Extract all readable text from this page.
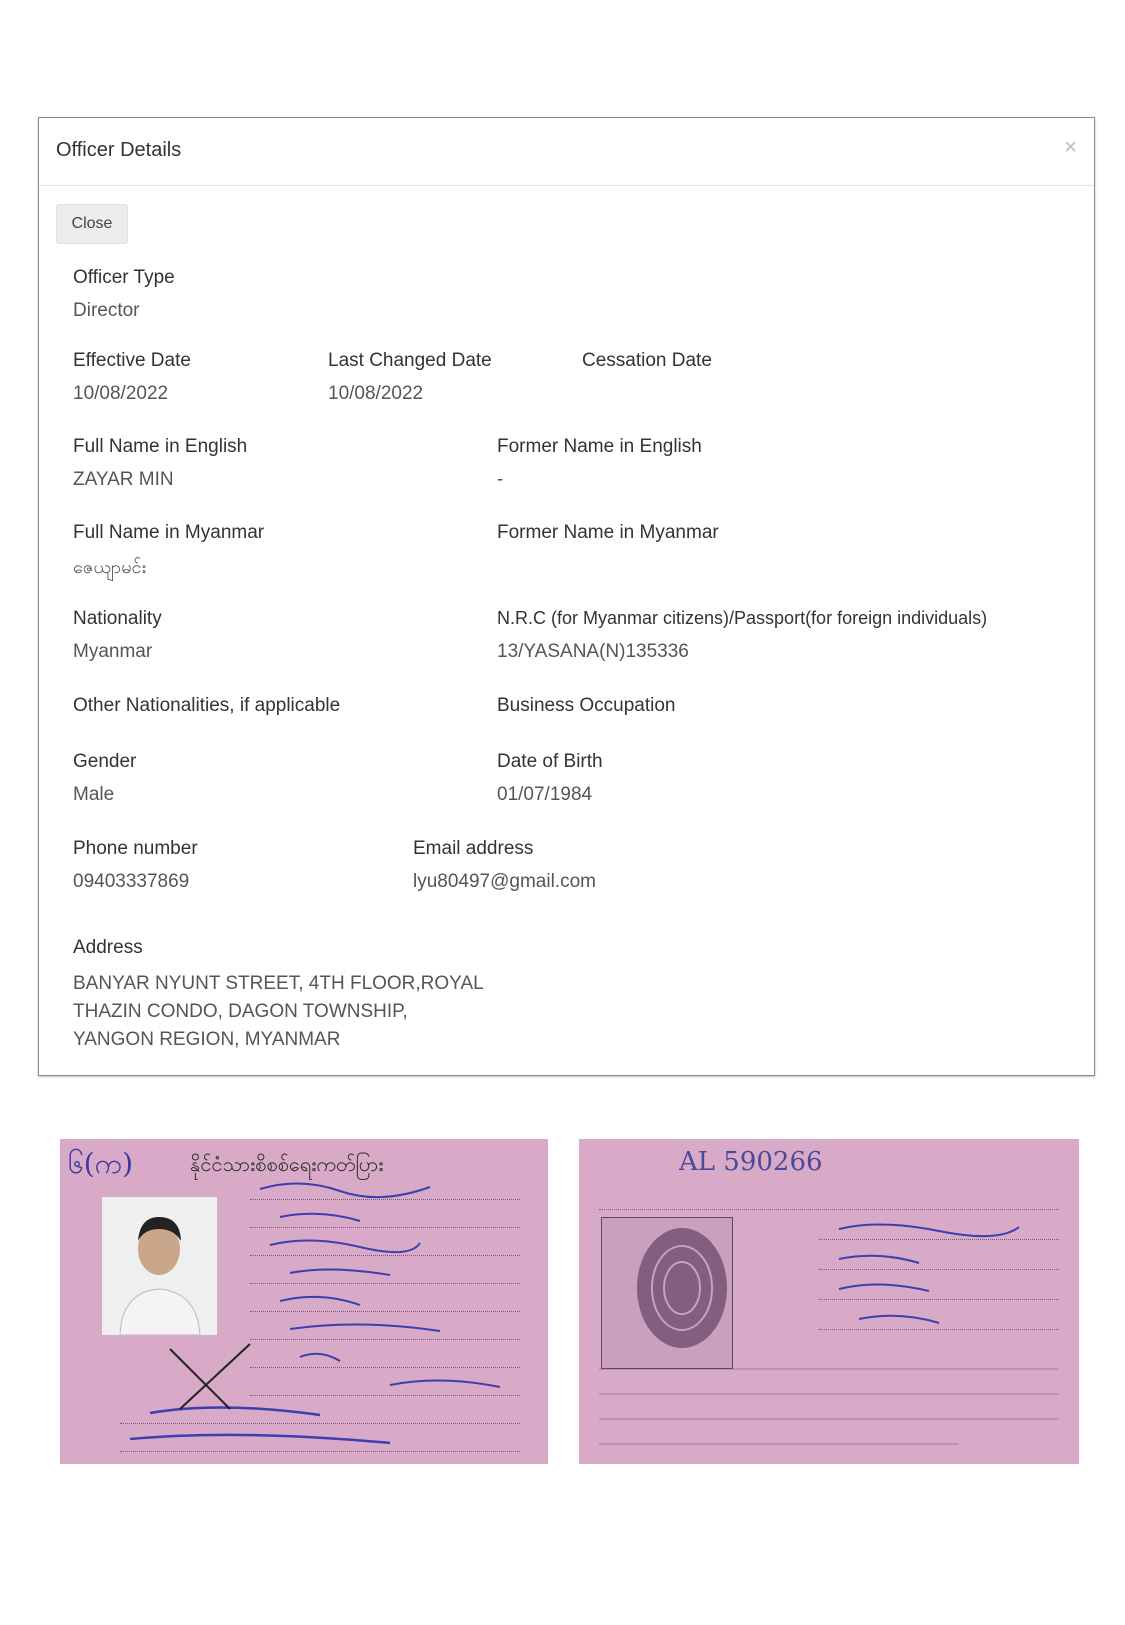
Officer Details	×
Close
Officer Type
Director
Effective Date
10/08/2022
Last Changed Date
10/08/2022
Cessation Date
Full Name in English
ZAYAR MIN
Former Name in English
-
Full Name in Myanmar
ဇေယျာမင်း
Former Name in Myanmar
Nationality
Myanmar
N.R.C (for Myanmar citizens)/Passport(for foreign individuals)
13/YASANA(N)135336
Other Nationalities, if applicable	Business Occupation
Gender
Male
Date of Birth
01/07/1984
Phone number
09403337869
Email address
lyu80497@gmail.com
Address
BANYAR NYUNT STREET, 4TH FLOOR,ROYAL THAZIN CONDO, DAGON TOWNSHIP, YANGON REGION, MYANMAR
၆(က)	နိုင်ငံသားစိစစ်ရေးကတ်ပြား	AL 590266
